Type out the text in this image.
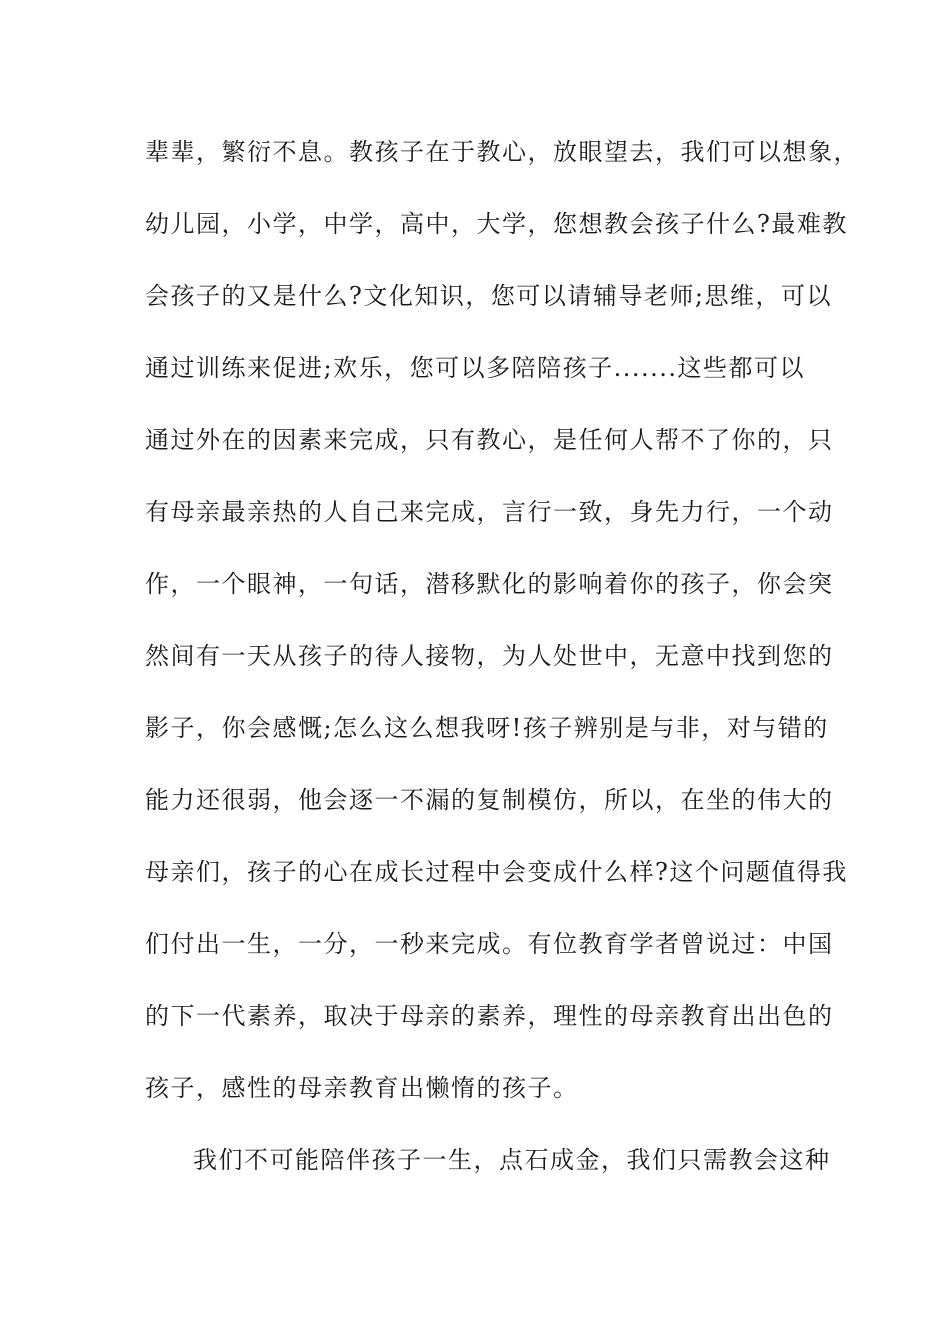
辈辈，繁衍不息。教孩子在于教心，放眼望去，我们可以想象，
幼儿园，小学，中学，高中，大学，您想教会孩子什么?最难教
会孩子的又是什么?文化知识，您可以请辅导老师;思维，可以
通过训练来促进;欢乐，您可以多陪陪孩子.......这些都可以
通过外在的因素来完成，只有教心，是任何人帮不了你的，只
有母亲最亲热的人自己来完成，言行一致，身先力行，一个动
作，一个眼神，一句话，潜移默化的影响着你的孩子，你会突
然间有一天从孩子的待人接物，为人处世中，无意中找到您的
影子，你会感慨;怎么这么想我呀!孩子辨别是与非，对与错的
能力还很弱，他会逐一不漏的复制模仿，所以，在坐的伟大的
母亲们，孩子的心在成长过程中会变成什么样?这个问题值得我
们付出一生，一分，一秒来完成。有位教育学者曾说过：中国
的下一代素养，取决于母亲的素养，理性的母亲教育出出色的
孩子，感性的母亲教育出懒惰的孩子。
我们不可能陪伴孩子一生，点石成金，我们只需教会这种
